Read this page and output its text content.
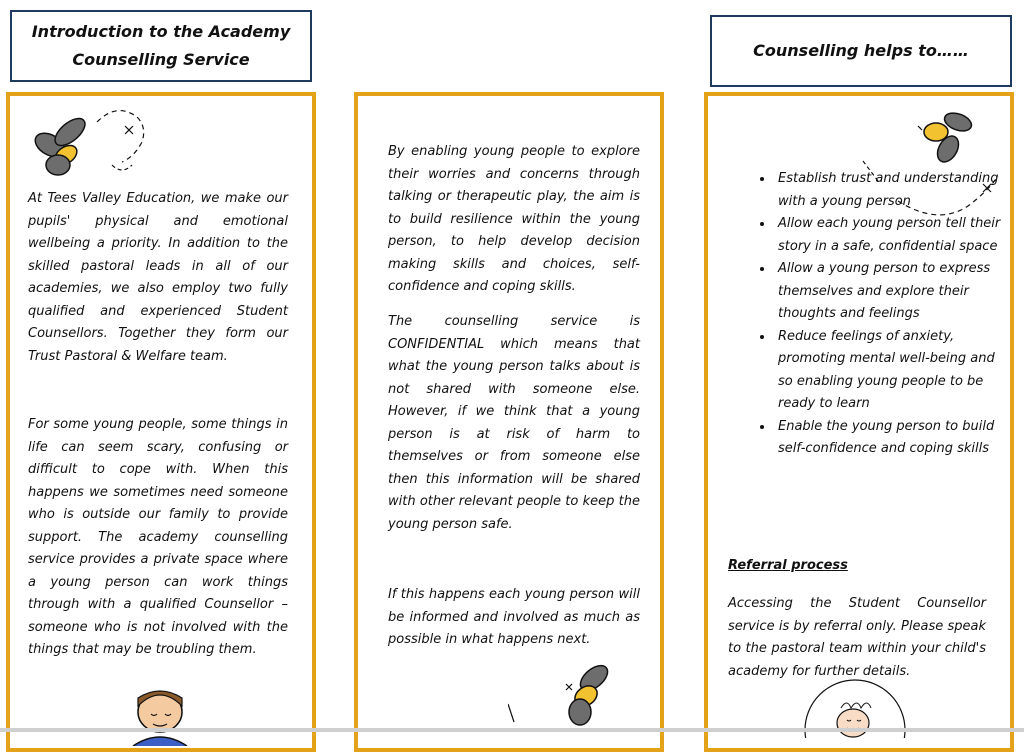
Introduction to the Academy Counselling Service	Counselling helps to……

At Tees Valley Education, we make our pupils' physical and emotional wellbeing a priority. In addition to the skilled pastoral leads in all of our academies, we also employ two fully qualified and experienced Student Counsellors. Together they form our Trust Pastoral & Welfare team.

For some young people, some things in life can seem scary, confusing or difficult to cope with. When this happens we sometimes need someone who is outside our family to provide support. The academy counselling service provides a private space where a young person can work things through with a qualified Counsellor – someone who is not involved with the things that may be troubling them.

By enabling young people to explore their worries and concerns through talking or therapeutic play, the aim is to build resilience within the young person, to help develop decision making skills and choices, self-confidence and coping skills.

The counselling service is CONFIDENTIAL which means that what the young person talks about is not shared with someone else. However, if we think that a young person is at risk of harm to themselves or from someone else then this information will be shared with other relevant people to keep the young person safe.

If this happens each young person will be informed and involved as much as possible in what happens next.

• Establish trust and understanding with a young person
• Allow each young person tell their story in a safe, confidential space
• Allow a young person to express themselves and explore their thoughts and feelings
• Reduce feelings of anxiety, promoting mental well-being and so enabling young people to be ready to learn
• Enable the young person to build self-confidence and coping skills

Referral process

Accessing the Student Counsellor service is by referral only. Please speak to the pastoral team within your child's academy for further details.
